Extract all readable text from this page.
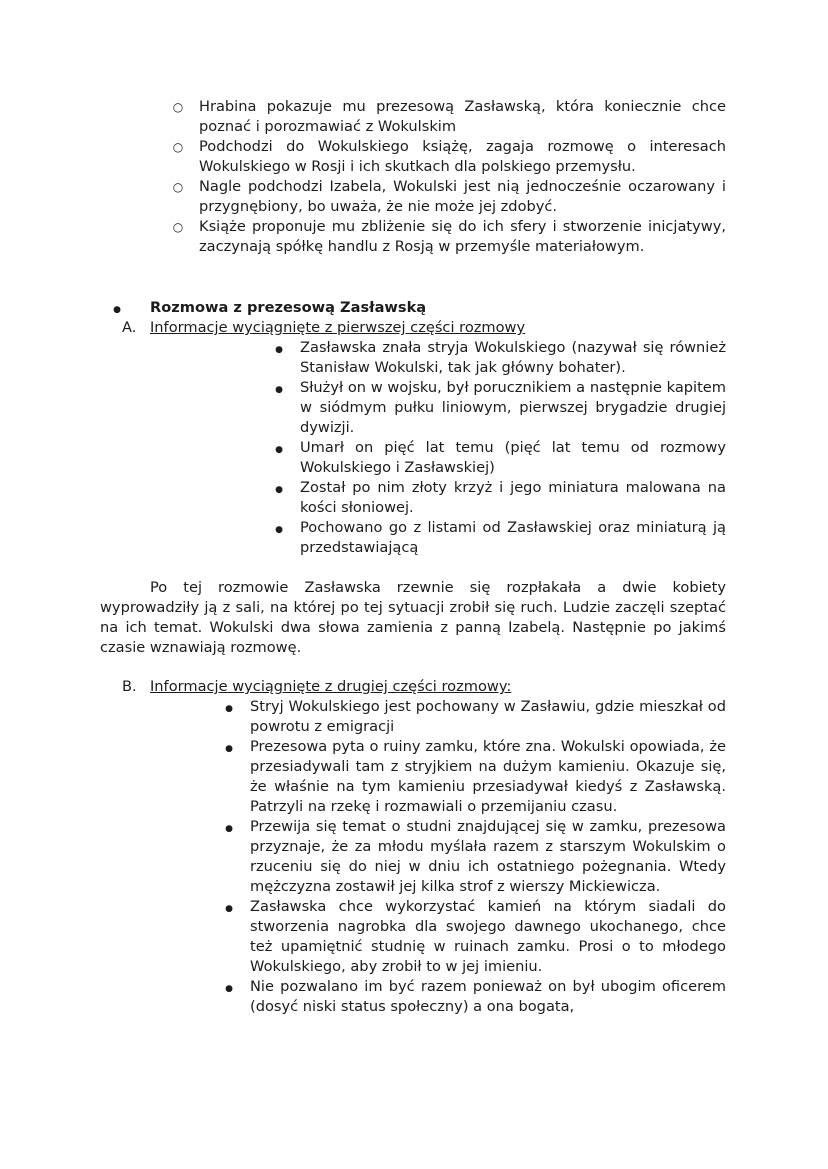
○
Hrabina pokazuje mu prezesową Zasławską, która koniecznie chce poznać i porozmawiać z Wokulskim
○
Podchodzi do Wokulskiego książę, zagaja rozmowę o interesach Wokulskiego w Rosji i ich skutkach dla polskiego przemysłu.
○
Nagle podchodzi Izabela, Wokulski jest nią jednocześnie oczarowany i przygnębiony, bo uważa, że nie może jej zdobyć.
○
Książe proponuje mu zbliżenie się do ich sfery i stworzenie inicjatywy, zaczynają spółkę handlu z Rosją w przemyśle materiałowym.
●
Rozmowa z prezesową Zasławską
A. Informacje wyciągnięte z pierwszej części rozmowy
●
Zasławska znała stryja Wokulskiego (nazywał się również Stanisław Wokulski, tak jak główny bohater).
●
Służył on w wojsku, był porucznikiem a następnie kapitem w siódmym pułku liniowym, pierwszej brygadzie drugiej dywizji.
●
Umarł on pięć lat temu (pięć lat temu od rozmowy Wokulskiego i Zasławskiej)
●
Został po nim złoty krzyż i jego miniatura malowana na kości słoniowej.
●
Pochowano go z listami od Zasławskiej oraz miniaturą ją przedstawiającą

Po tej rozmowie Zasławska rzewnie się rozpłakała a dwie kobiety wyprowadziły ją z sali, na której po tej sytuacji zrobił się ruch. Ludzie zaczęli szeptać na ich temat. Wokulski dwa słowa zamienia z panną Izabelą. Następnie po jakimś czasie wznawiają rozmowę.

B. Informacje wyciągnięte z drugiej części rozmowy:
●
Stryj Wokulskiego jest pochowany w Zasławiu, gdzie mieszkał od powrotu z emigracji
●
Prezesowa pyta o ruiny zamku, które zna. Wokulski opowiada, że przesiadywali tam z stryjkiem na dużym kamieniu. Okazuje się, że właśnie na tym kamieniu przesiadywał kiedyś z Zasławską. Patrzyli na rzekę i rozmawiali o przemijaniu czasu.
●
Przewija się temat o studni znajdującej się w zamku, prezesowa przyznaje, że za młodu myślała razem z starszym Wokulskim o rzuceniu się do niej w dniu ich ostatniego pożegnania. Wtedy mężczyzna zostawił jej kilka strof z wierszy Mickiewicza.
●
Zasławska chce wykorzystać kamień na którym siadali do stworzenia nagrobka dla swojego dawnego ukochanego, chce też upamiętnić studnię w ruinach zamku. Prosi o to młodego Wokulskiego, aby zrobił to w jej imieniu.
●
Nie pozwalano im być razem ponieważ on był ubogim oficerem (dosyć niski status społeczny) a ona bogata,
